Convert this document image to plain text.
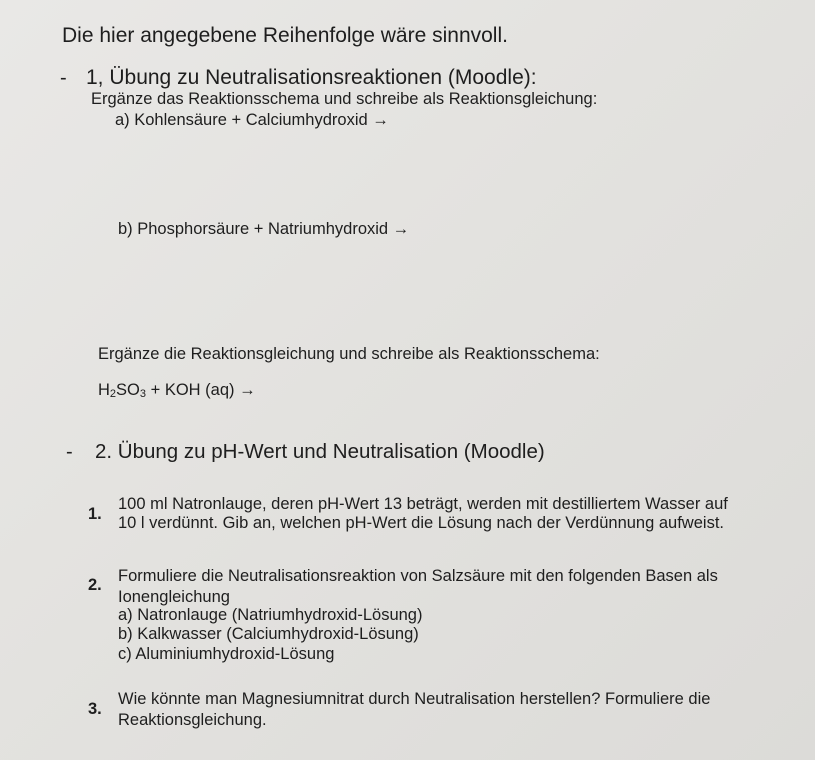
Die hier angegebene Reihenfolge wäre sinnvoll.

- 1, Übung zu Neutralisationsreaktionen (Moodle):

Ergänze das Reaktionsschema und schreibe als Reaktionsgleichung:

a) Kohlensäure + Calciumhydroxid →

b) Phosphorsäure + Natriumhydroxid →

Ergänze die Reaktionsgleichung und schreibe als Reaktionsschema:

H2SO3 + KOH (aq) →

- 2. Übung zu pH-Wert und Neutralisation (Moodle)

1.

100 ml Natronlauge, deren pH-Wert 13 beträgt, werden mit destilliertem Wasser auf

10 l verdünnt. Gib an, welchen pH-Wert die Lösung nach der Verdünnung aufweist.

2. Formuliere die Neutralisationsreaktion von Salzsäure mit den folgenden Basen als

Ionengleichung

a) Natronlauge (Natriumhydroxid-Lösung)

b) Kalkwasser (Calciumhydroxid-Lösung)

c) Aluminiumhydroxid-Lösung

3.

Wie könnte man Magnesiumnitrat durch Neutralisation herstellen? Formuliere die

Reaktionsgleichung.
